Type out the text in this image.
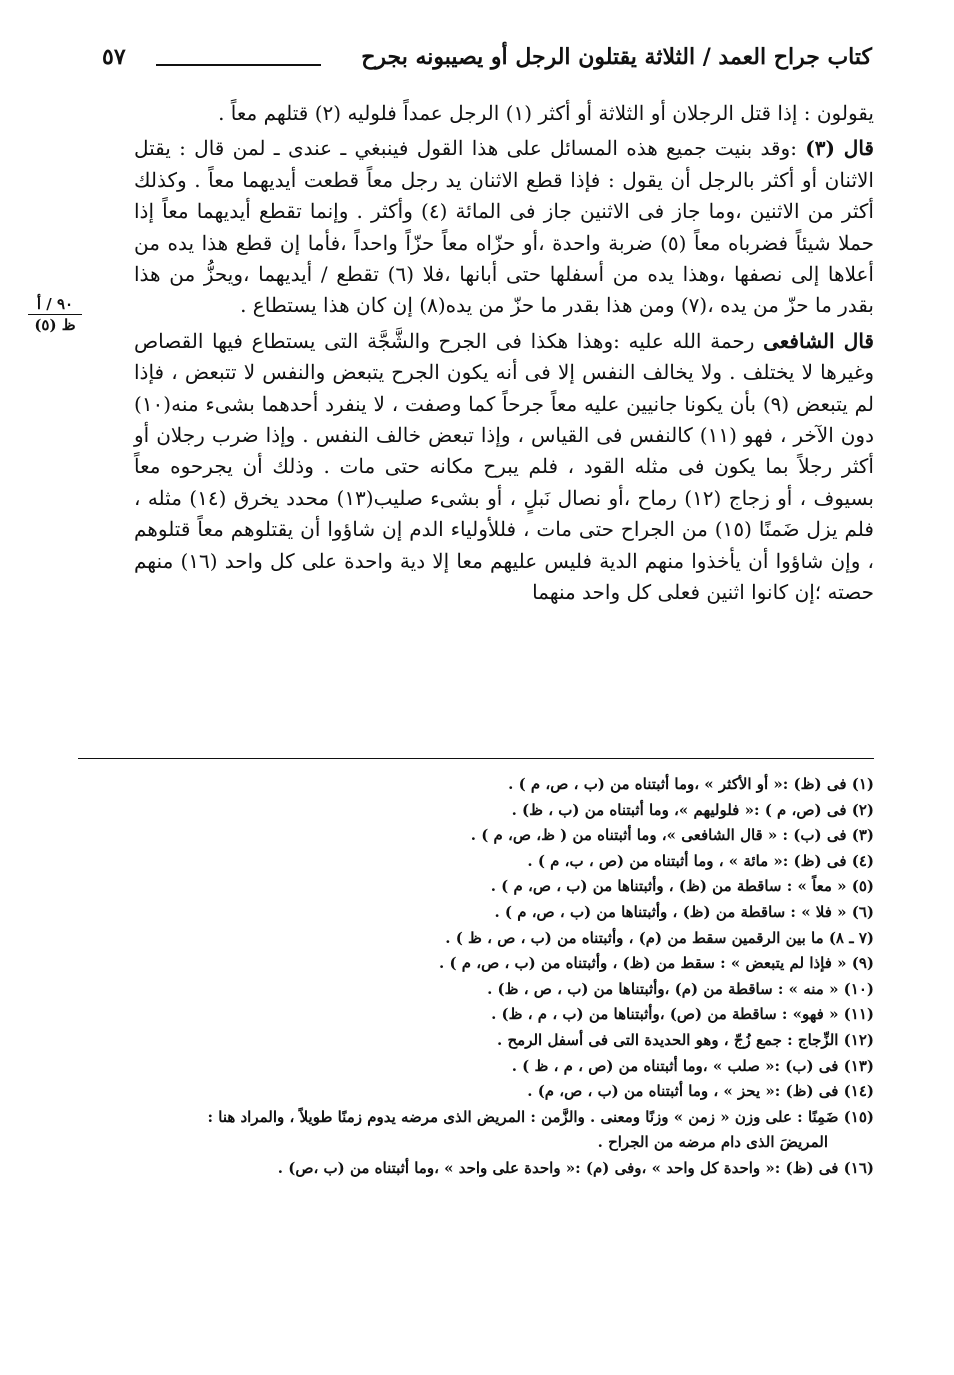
كتاب جراح العمد / الثلاثة يقتلون الرجل أو يصيبونه بجرح
٥٧
٩٠ / أ
ظ (٥)

يقولون : إذا قتل الرجلان أو الثلاثة أو أكثر (١) الرجل عمداً فلوليه (٢) قتلهم معاً .

قال (٣) :وقد بنيت جميع هذه المسائل على هذا القول فينبغي ـ عندى ـ لمن قال : يقتل الاثنان أو أكثر بالرجل أن يقول : فإذا قطع الاثنان يد رجل معاً قطعت أيديهما معاً . وكذلك أكثر من الاثنين ،وما جاز فى الاثنين جاز فى المائة (٤) وأكثر . وإنما تقطع أيديهما معاً إذا حملا شيئاً فضرباه معاً (٥) ضربة واحدة ،أو حزّاه معاً حزّاً واحداً ،فأما إن قطع هذا يده من أعلاها إلى نصفها ،وهذا يده من أسفلها حتى أبانها ،فلا (٦) تقطع / أيديهما ،ويحزُّ من هذا بقدر ما حزّ من يده ،(٧) ومن هذا بقدر ما حزّ من يده(٨) إن كان هذا يستطاع .

قال الشافعى رحمة الله عليه :وهذا هكذا فى الجرح والشَّجَّة التى يستطاع فيها القصاص وغيرها لا يختلف . ولا يخالف النفس إلا فى أنه يكون الجرح يتبعض والنفس لا تتبعض ، فإذا لم يتبعض (٩) بأن يكونا جانيين عليه معاً جرحاً كما وصفت ، لا ينفرد أحدهما بشىء منه(١٠) دون الآخر ، فهو (١١) كالنفس فى القياس ، وإذا تبعض خالف النفس . وإذا ضرب رجلان أو أكثر رجلاً بما يكون فى مثله القود ، فلم يبرح مكانه حتى مات . وذلك أن يجرحوه معاً بسيوف ، أو زجاج (١٢) رماح ،أو نصال نَبلٍ ، أو بشىء صليب(١٣) محدد يخرق (١٤) مثله ، فلم يزل ضَمنًا (١٥) من الجراح حتى مات ، فللأولياء الدم إن شاؤوا أن يقتلوهم معاً قتلوهم ، وإن شاؤوا أن يأخذوا منهم الدية فليس عليهم معا إلا دية واحدة على كل واحد (١٦) منهم حصته ؛إن كانوا اثنين فعلى كل واحد منهما

(١) فى (ظ) :« أو الأكثر » ،وما أثبتناه من (ب ، ص، م ) .
(٢) فى (ص، م ) :« فلوليهم »، وما أثبتناه من (ب ، ظ) .
(٣) فى (ب) : « قال الشافعى »، وما أثبتناه من ( ظ، ص، م ) .
(٤) فى (ظ) :« مائة » ، وما أثبتناه من (ص ، ب، م ) .
(٥) « معاً » : ساقطة من (ظ) ، وأثبتناها من (ب ، ص، م ) .
(٦) « فلا » : ساقطة من (ظ) ، وأثبتناها من (ب ، ص، م ) .
(٧ ـ ٨) ما بين الرقمين سقط من (م) ، وأثبتناه من (ب ، ص ، ظ ) .
(٩) « فإذا لم يتبعض » : سقط من (ظ) ، وأثبتناه من (ب ، ص، م ) .
(١٠) « منه » : ساقطة من (م) ،وأثبتناها من (ب ، ص ، ظ) .
(١١) « فهو» : ساقطة من (ص) ،وأثبتناها من (ب ، م ، ظ) .
(١٢) الزِّجاج : جمع زُجّ ، وهو الحديدة التى فى أسفل الرمح .
(١٣) فى (ب) :« صلب » ،وما أثبتناه من (ص ، م ، ظ ) .
(١٤) فى (ظ) :« يحز » ، وما أثبتناه من (ب ، ص، م) .
(١٥) ضَمِنًا : على وزن « زمن » وزنًا ومعنى . والزَّمن : المريض الذى مرضه يدوم زمنًا طويلاً ، والمراد هنا :
المريضَ الذى دام مرضه من الجراح .
(١٦) فى (ظ) :« واحدة كل واحد » ،وفى (م) :« واحدة على واحد » ،وما أثبتناه من (ب ،ص) .
